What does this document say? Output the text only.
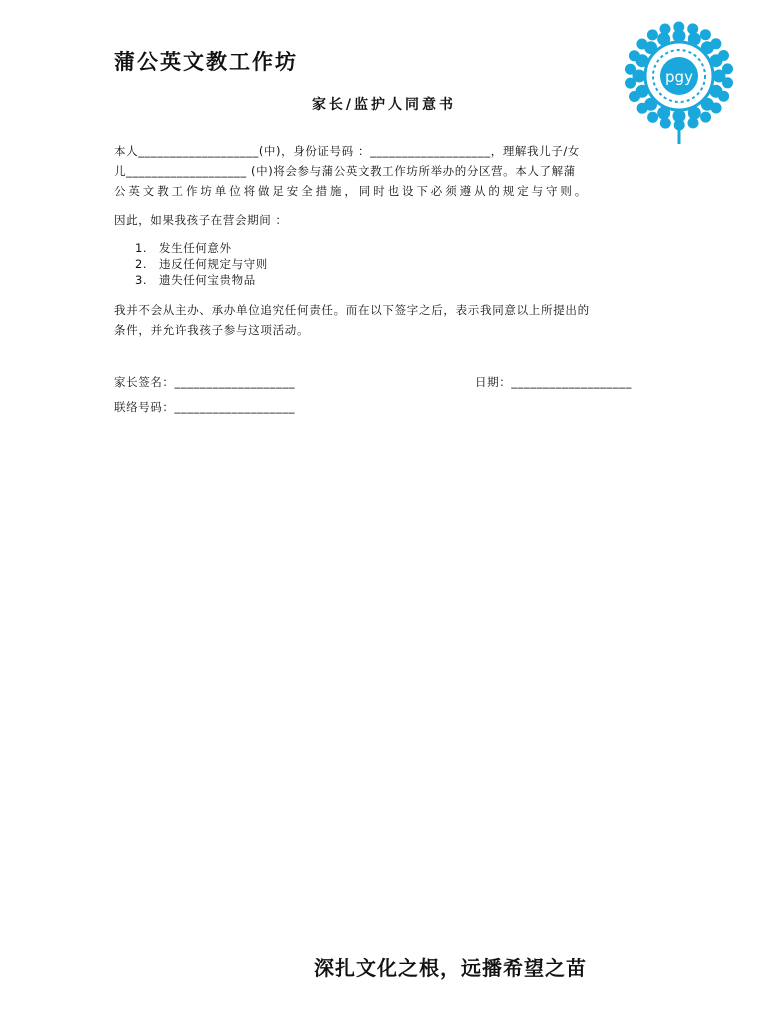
蒲公英文教工作坊
pgy
家长/监护人同意书
本人___________________(中)，身份证号码 ：___________________，理解我儿子/女
儿___________________ (中)将会参与蒲公英文教工作坊所举办的分区营。本人了解蒲
公英文教工作坊单位将做足安全措施，同时也设下必须遵从的规定与守则。
因此，如果我孩子在营会期间 ：
1. 发生任何意外
2. 违反任何规定与守则
3. 遗失任何宝贵物品
我并不会从主办、承办单位追究任何责任。而在以下签字之后，表示我同意以上所提出的
条件，并允许我孩子参与这项活动。
家长签名：___________________	日期：___________________
联络号码：___________________
深扎文化之根，远播希望之苗
